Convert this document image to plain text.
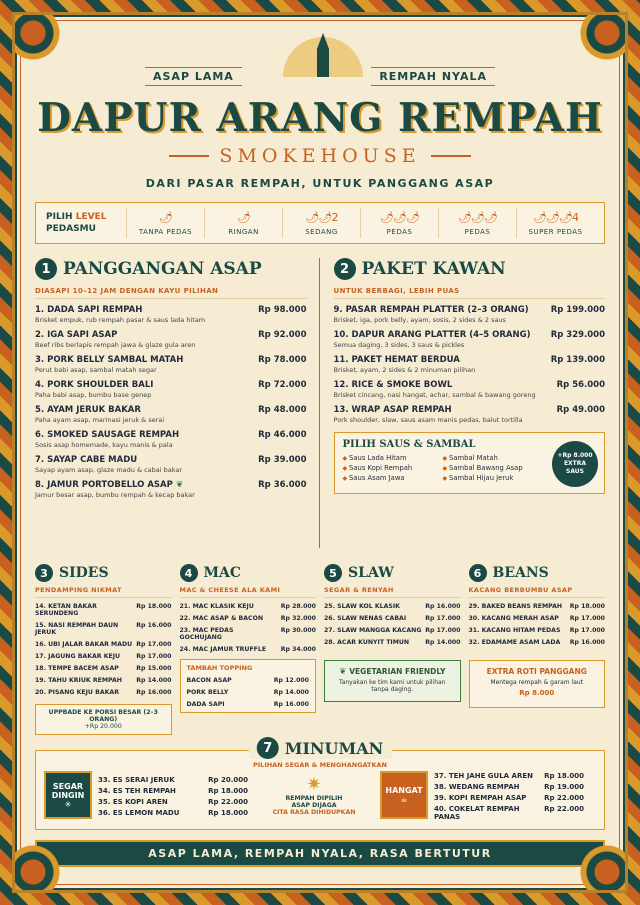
ASAP LAMA	REMPAH NYALA
DAPUR ARANG REMPAH
SMOKEHOUSE
DARI PASAR REMPAH, UNTUK PANGGANG ASAP
PILIH LEVEL
PEDASMU
🌶
TANPA PEDAS
🌶
RINGAN
🌶🌶2
SEDANG
🌶🌶🌶
PEDAS
🌶🌶🌶
PEDAS
🌶🌶🌶4
SUPER PEDAS
1 PANGGANGAN ASAP
DIASAPI 10–12 JAM DENGAN KAYU PILIHAN
1. DADA SAPI REMPAH
Brisket empuk, rub rempah pasar & saus lada hitam
Rp 98.000
2. IGA SAPI ASAP
Beef ribs berlapis rempah jawa & glaze gula aren
Rp 92.000
3. PORK BELLY SAMBAL MATAH
Perut babi asap, sambal matah segar
Rp 78.000
4. PORK SHOULDER BALI
Paha babi asap, bumbu base genep
Rp 72.000
5. AYAM JERUK BAKAR
Paha ayam asap, marinasi jeruk & serai
Rp 48.000
6. SMOKED SAUSAGE REMPAH
Sosis asap homemade, kayu manis & pala
Rp 46.000
7. SAYAP CABE MADU
Sayap ayam asap, glaze madu & cabai bakar
Rp 39.000
8. JAMUR PORTOBELLO ASAP ❦
Jamur besar asap, bumbu rempah & kecap bakar
Rp 36.000
2 PAKET KAWAN
UNTUK BERBAGI, LEBIH PUAS
9. PASAR REMPAH PLATTER (2–3 ORANG)
Brisket, iga, pork belly, ayam, sosis, 2 sides & 2 saus
Rp 199.000
10. DAPUR ARANG PLATTER (4–5 ORANG)
Semua daging, 3 sides, 3 saus & pickles
Rp 329.000
11. PAKET HEMAT BERDUA
Brisket, ayam, 2 sides & 2 minuman pilihan
Rp 139.000
12. RICE & SMOKE BOWL
Brisket cincang, nasi hangat, achar, sambal & bawang goreng
Rp 56.000
13. WRAP ASAP REMPAH
Pork shoulder, slaw, saus asam manis pedas, balut tortilla
Rp 49.000
PILIH SAUS & SAMBAL
◆ Saus Lada Hitam	◆ Sambal Matah
◆ Saus Kopi Rempah	◆ Sambal Bawang Asap
◆ Saus Asam Jawa	◆ Sambal Hijau Jeruk
+Rp 8.000 EXTRA SAUS
3 SIDES
PENDAMPING NIKMAT
14. KETAN BAKAR SERUNDENG
Rp 18.000
15. NASI REMPAH DAUN JERUK
Rp 16.000
16. UBI JALAR BAKAR MADU Rp 17.000
17. JAGUNG BAKAR KEJU	Rp 17.000
18. TEMPE BACEM ASAP	Rp 15.000
19. TAHU KRIUK REMPAH	Rp 14.000
20. PISANG KEJU BAKAR	Rp 16.000
UPPBADE KE PORSI BESAR (2–3 ORANG)
+Rp 20.000
4 MAC
MAC & CHEESE ALA KAMI
21. MAC KLASIK KEJU	Rp 28.000
22. MAC ASAP & BACON	Rp 32.000
23. MAC PEDAS GOCHUJANG
Rp 30.000
24. MAC JAMUR TRUFFLE	Rp 34.000
TAMBAH TOPPING
BACON ASAP	Rp 12.000
PORK BELLY	Rp 14.000
DADA SAPI	Rp 16.000
5 SLAW
SEGAR & RENYAH
25. SLAW KOL KLASIK	Rp 16.000
26. SLAW NENAS CABAI	Rp 17.000
27. SLAW MANGGA KACANG Rp 17.000
28. ACAR KUNYIT TIMUN	Rp 14.000
❦ VEGETARIAN FRIENDLY
Tanyakan ke tim kami untuk pilihan tanpa daging.
6 BEANS
KACANG BERBUMBU ASAP
29. BAKED BEANS REMPAH	Rp 18.000
30. KACANG MERAH ASAP	Rp 17.000
31. KACANG HITAM PEDAS	Rp 17.000
32. EDAMAME ASAM LADA	Rp 16.000
EXTRA ROTI PANGGANG
Mentega rempah & garam laut
Rp 8.000
7 MINUMAN
PILIHAN SEGAR & MENGHANGATKAN
SEGAR DINGIN
✳
33. ES SERAI JERUK	Rp 20.000
34. ES TEH REMPAH	Rp 18.000
35. ES KOPI AREN	Rp 22.000
36. ES LEMON MADU	Rp 18.000
✷
REMPAH DIPILIH
ASAP DIJAGA
CITA RASA DIHIDUPKAN
HANGAT
☕
37. TEH JAHE GULA AREN	Rp 18.000
38. WEDANG REMPAH	Rp 19.000
39. KOPI REMPAH ASAP	Rp 22.000
40. COKELAT REMPAH PANAS
Rp 22.000
ASAP LAMA, REMPAH NYALA, RASA BERTUTUR
